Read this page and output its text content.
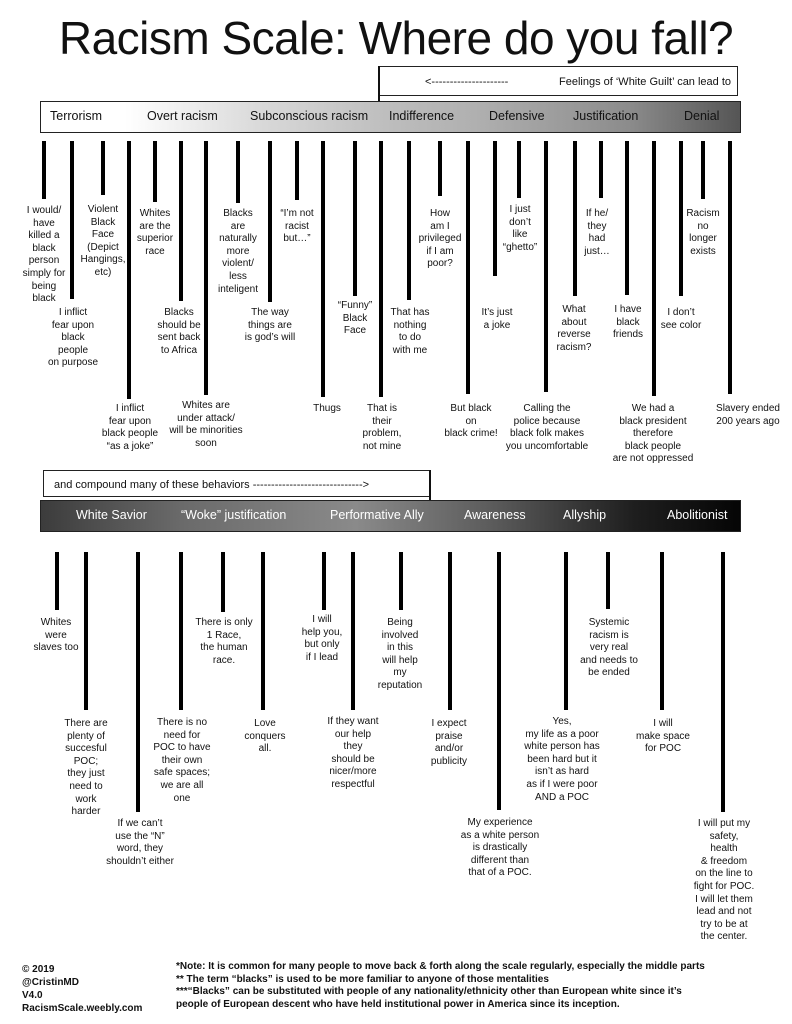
Racism Scale: Where do you fall?
<---------------------	Feelings of ‘White Guilt’ can lead to
Terrorism	Overt racism	Subconscious racism Indifference	Defensive Justification	Denial
I would/
have
killed a
black
person
simply for
being
black
I inflict
fear upon
black
people
on purpose
Violent
Black
Face
(Depict
Hangings,
etc)
I inflict
fear upon
black people
“as a joke”
Whites
are the
superior
race
Blacks
should be
sent back
to Africa
Whites are
under attack/
will be minorities
soon
Blacks
are
naturally
more
violent/
less
inteligent
The way
things are
is god’s will
“I’m not
racist
but…”
Thugs
“Funny”
Black
Face
That is
their
problem,
not mine
That has
nothing
to do
with me
How
am I
privileged
if I am
poor?
But black
on
black crime!
It’s just
a joke
I just
don’t
like
“ghetto”
Calling the
police because
black folk makes
you uncomfortable
What
about
reverse
racism?
If he/
they
had
just…
I have
black
friends
We had a
black president
therefore
black people
are not oppressed
I don’t
see color
Racism
no
longer
exists
Slavery ended
200 years ago
and compound many of these behaviors ------------------------------>
White Savior	“Woke” justification	Performative Ally	Awareness	Allyship	Abolitionist
Whites
were
slaves too
There are
plenty of
succesful
POC;
they just
need to
work
harder
If we can’t
use the “N”
word, they
shouldn’t either
There is no
need for
POC to have
their own
safe spaces;
we are all
one
There is only
1 Race,
the human
race.
Love
conquers
all.
I will
help you,
but only
if I lead
If they want
our help
they
should be
nicer/more
respectful
Being
involved
in this
will help
my
reputation
I expect
praise
and/or
publicity
My experience
as a white person
is drastically
different than
that of a POC.
Yes,
my life as a poor
white person has
been hard but it
isn’t as hard
as if I were poor
AND a POC
Systemic
racism is
very real
and needs to
be ended
I will
make space
for POC
I will put my
safety,
health
& freedom
on the line to
fight for POC.
I will let them
lead and not
try to be at
the center.
© 2019
@CristinMD
V4.0
RacismScale.weebly.com
*Note: It is common for many people to move back & forth along the scale regularly, especially the middle parts
** The term “blacks” is used to be more familiar to anyone of those mentalities
***“Blacks” can be substituted with people of any nationality/ethnicity other than European white since it’s
people of European descent who have held institutional power in America since its inception.
